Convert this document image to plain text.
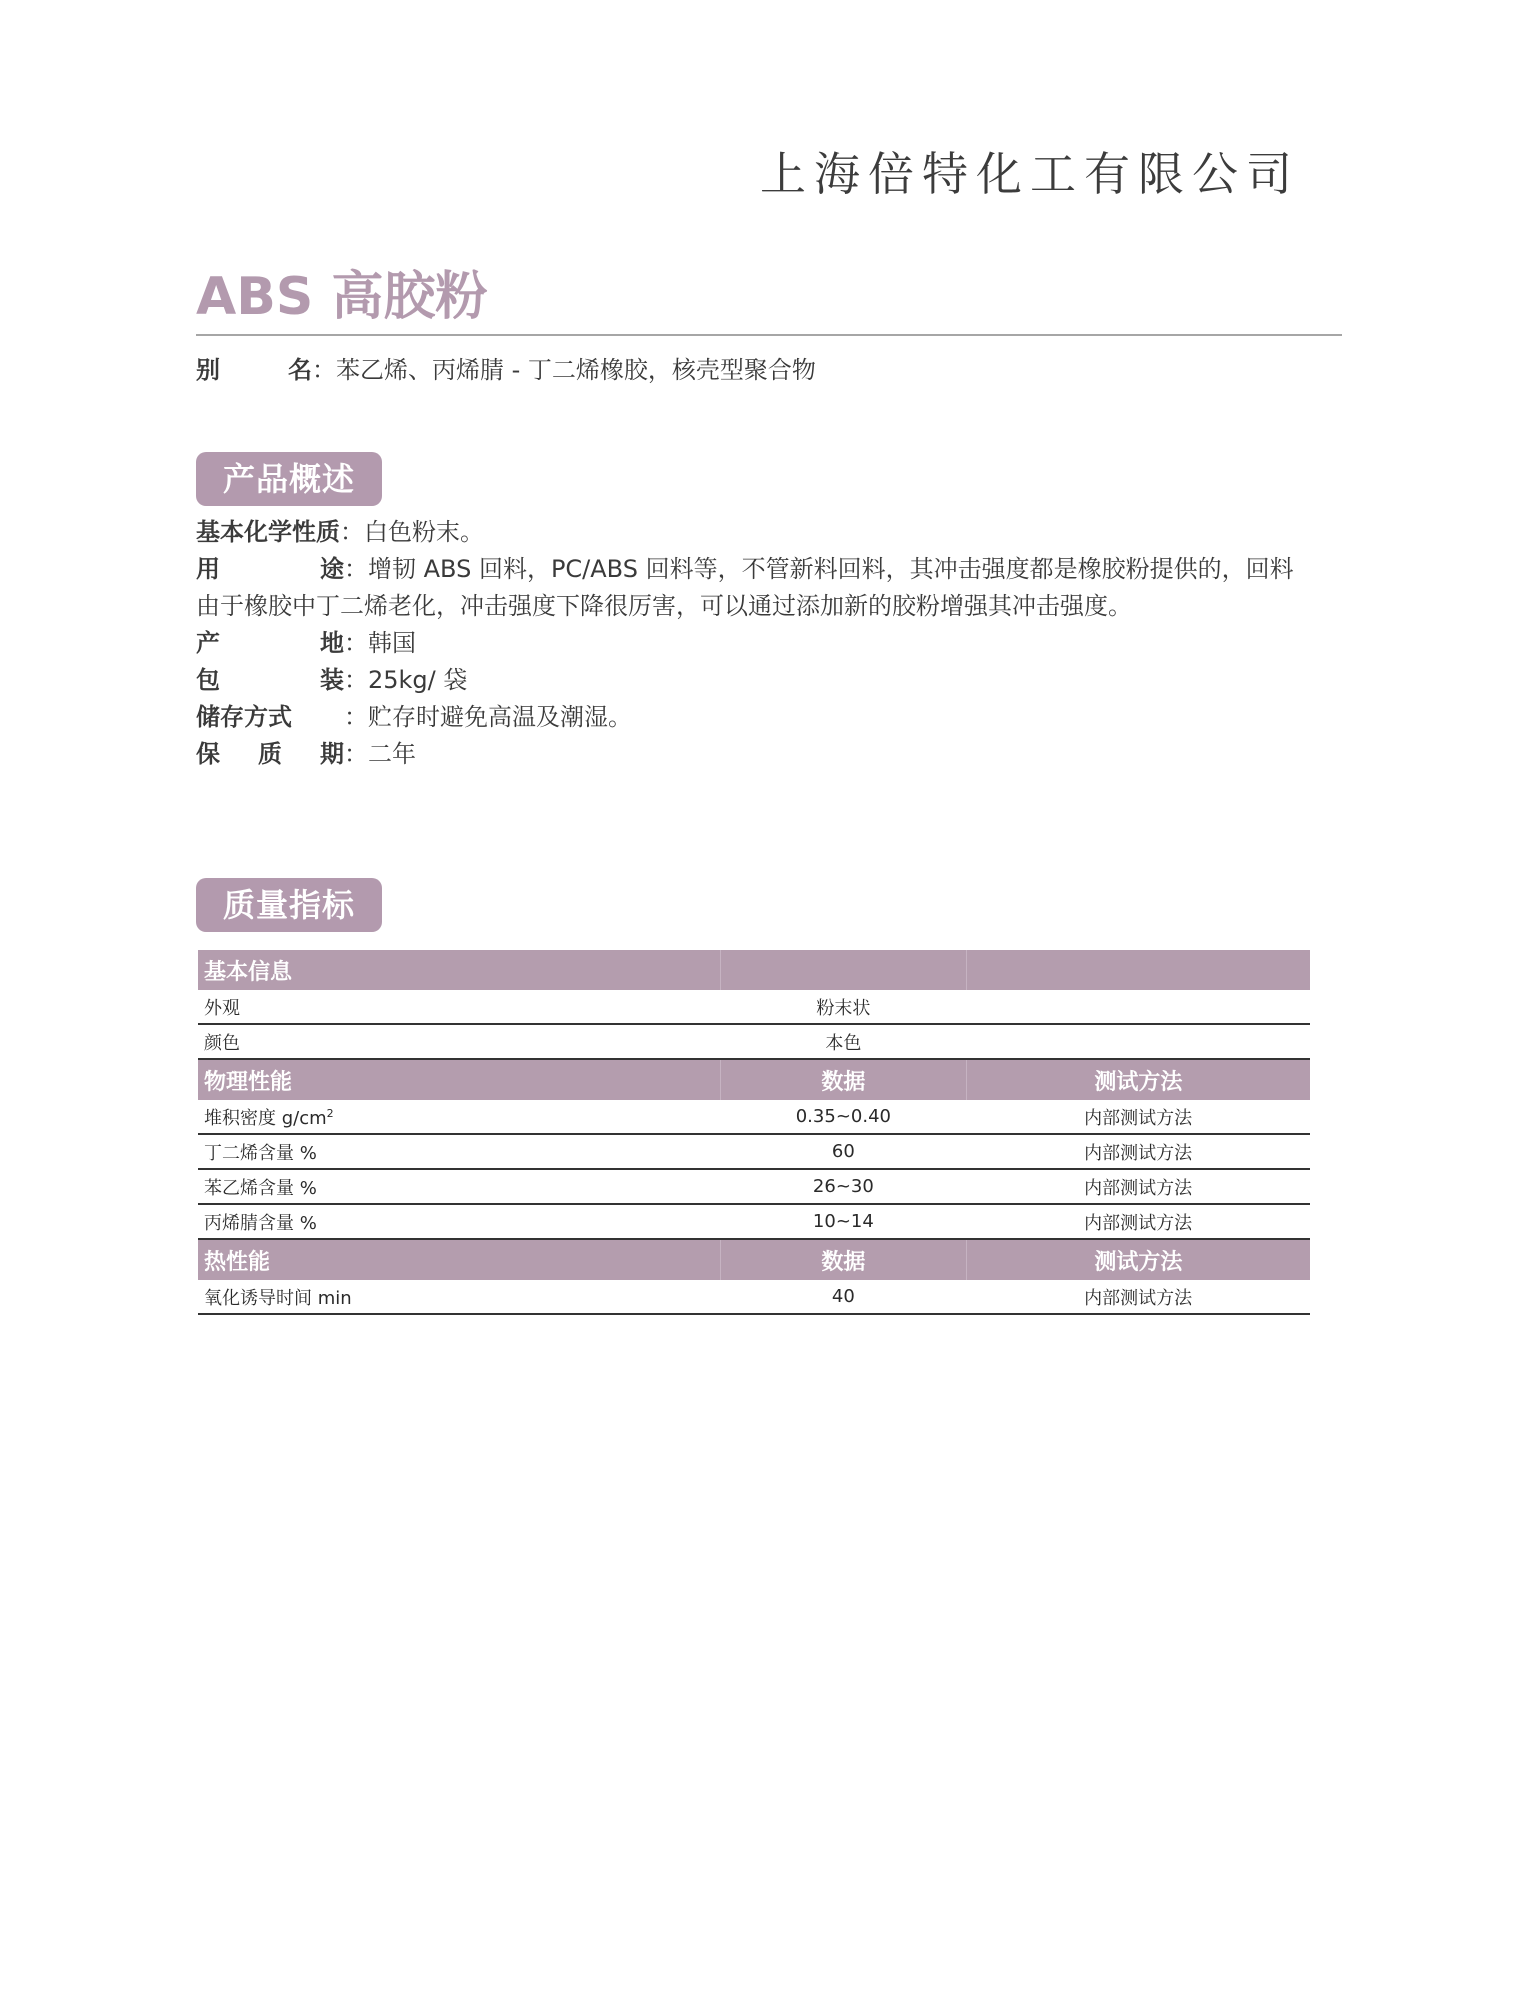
上海倍特化工有限公司
ABS 高胶粉
别	名 ：苯乙烯、丙烯腈 - 丁二烯橡胶，核壳型聚合物
产品概述
基本化学性质：白色粉末。
用	途 ：增韧 ABS 回料，PC/ABS 回料等，不管新料回料，其冲击强度都是橡胶粉提供的，回料
由于橡胶中丁二烯老化，冲击强度下降很厉害，可以通过添加新的胶粉增强其冲击强度。
产	地 ：韩国
包	装 ：25kg/ 袋
储存方式 ：贮存时避免高温及潮湿。
保 质 期 ：二年
质量指标
基本信息		
外观	粉末状	
颜色	本色	
物理性能	数据	测试方法
堆积密度 $g/cm^2$	0.35~0.40	内部测试方法
丁二烯含量 %	60	内部测试方法
苯乙烯含量 %	26~30	内部测试方法
丙烯腈含量 %	10~14	内部测试方法
热性能	数据	测试方法
氧化诱导时间 min	40	内部测试方法
